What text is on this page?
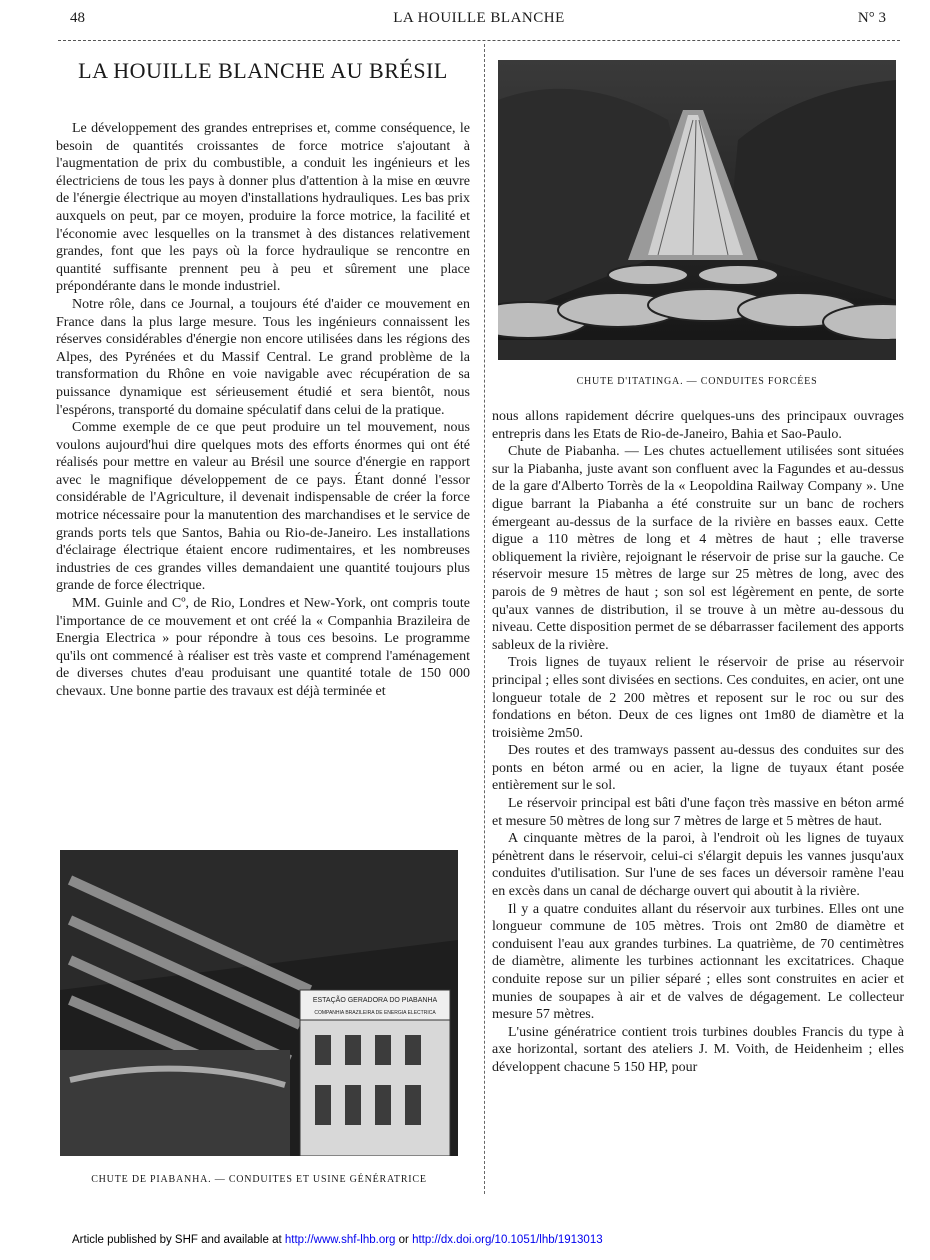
48	LA HOUILLE BLANCHE	N° 3
LA HOUILLE BLANCHE AU BRÉSIL

Le développement des grandes entreprises et, comme conséquence, le besoin de quantités croissantes de force motrice s'ajoutant à l'augmentation de prix du combustible, a conduit les ingénieurs et les électriciens de tous les pays à donner plus d'attention à la mise en œuvre de l'énergie électrique au moyen d'installations hydrauliques. Les bas prix auxquels on peut, par ce moyen, produire la force motrice, la facilité et l'économie avec lesquelles on la transmet à des distances relativement grandes, font que les pays où la force hydraulique se rencontre en quantité suffisante prennent peu à peu et sûrement une place prépondérante dans le monde industriel.

Notre rôle, dans ce Journal, a toujours été d'aider ce mouvement en France dans la plus large mesure. Tous les ingénieurs connaissent les réserves considérables d'énergie non encore utilisées dans les régions des Alpes, des Pyrénées et du Massif Central. Le grand problème de la transformation du Rhône en voie navigable avec récupération de sa puissance dynamique est sérieusement étudié et sera bientôt, nous l'espérons, transporté du domaine spéculatif dans celui de la pratique.

Comme exemple de ce que peut produire un tel mouvement, nous voulons aujourd'hui dire quelques mots des efforts énormes qui ont été réalisés pour mettre en valeur au Brésil une source d'énergie en rapport avec le magnifique développement de ce pays. Étant donné l'essor considérable de l'Agriculture, il devenait indispensable de créer la force motrice nécessaire pour la manutention des marchandises et le service de grands ports tels que Santos, Bahia ou Rio-de-Janeiro. Les installations d'éclairage électrique étaient encore rudimentaires, et les nombreuses industries de ces grandes villes demandaient une quantité toujours plus grande de force électrique.

MM. Guinle and Cº, de Rio, Londres et New-York, ont compris toute l'importance de ce mouvement et ont créé la « Companhia Brazileira de Energia Electrica » pour répondre à tous ces besoins. Le programme qu'ils ont commencé à réaliser est très vaste et comprend l'aménagement de diverses chutes d'eau produisant une quantité totale de 150 000 chevaux. Une bonne partie des travaux est déjà terminée et

CHUTE D'ITATINGA. — CONDUITES FORCÉES

nous allons rapidement décrire quelques-uns des principaux ouvrages entrepris dans les Etats de Rio-de-Janeiro, Bahia et Sao-Paulo.

Chute de Piabanha. — Les chutes actuellement utilisées sont situées sur la Piabanha, juste avant son confluent avec la Fagundes et au-dessus de la gare d'Alberto Torrès de la « Leopoldina Railway Company ». Une digue barrant la Piabanha a été construite sur un banc de rochers émergeant au-dessus de la surface de la rivière en basses eaux. Cette digue a 110 mètres de long et 4 mètres de haut ; elle traverse obliquement la rivière, rejoignant le réservoir de prise sur la gauche. Ce réservoir mesure 15 mètres de large sur 25 mètres de long, avec des parois de 9 mètres de haut ; son sol est légèrement en pente, de sorte qu'aux vannes de distribution, il se trouve à un mètre au-dessous du niveau. Cette disposition permet de se débarrasser facilement des apports sableux de la rivière.

Trois lignes de tuyaux relient le réservoir de prise au réservoir principal ; elles sont divisées en sections. Ces conduites, en acier, ont une longueur totale de 2 200 mètres et reposent sur le roc ou sur des fondations en béton. Deux de ces lignes ont 1m80 de diamètre et la troisième 2m50.

Des routes et des tramways passent au-dessus des conduites sur des ponts en béton armé ou en acier, la ligne de tuyaux étant posée entièrement sur le sol.

Le réservoir principal est bâti d'une façon très massive en béton armé et mesure 50 mètres de long sur 7 mètres de large et 5 mètres de haut.

A cinquante mètres de la paroi, à l'endroit où les lignes de tuyaux pénètrent dans le réservoir, celui-ci s'élargit depuis les vannes jusqu'aux conduites d'utilisation. Sur l'une de ses faces un déversoir ramène l'eau en excès dans un canal de décharge ouvert qui aboutit à la rivière.

Il y a quatre conduites allant du réservoir aux turbines. Elles ont une longueur commune de 105 mètres. Trois ont 2m80 de diamètre et conduisent l'eau aux grandes turbines. La quatrième, de 70 centimètres de diamètre, alimente les turbines actionnant les excitatrices. Chaque conduite repose sur un pilier séparé ; elles sont construites en acier et munies de soupapes à air et de valves de dégagement. Le collecteur mesure 57 mètres.

L'usine génératrice contient trois turbines doubles Francis du type à axe horizontal, sortant des ateliers J. M. Voith, de Heidenheim ; elles développent chacune 5 150 HP, pour

ESTAÇÃO GERADORA DO PIABANHA
COMPANHIA BRAZILEIRA DE ENERGIA ELECTRICA
CHUTE DE PIABANHA. — CONDUITES ET USINE GÉNÉRATRICE
Article published by SHF and available at http://www.shf-lhb.org or http://dx.doi.org/10.1051/lhb/1913013
